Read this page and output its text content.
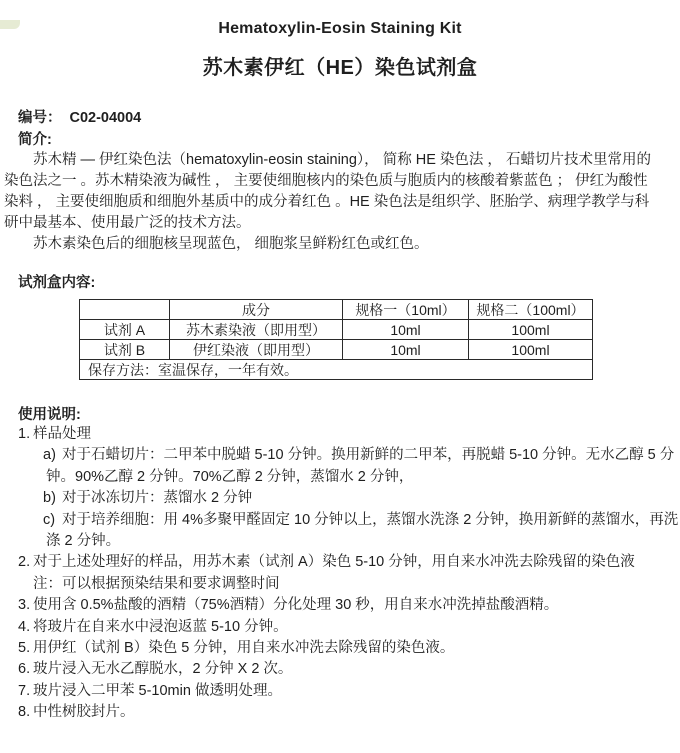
Hematoxylin-Eosin Staining Kit
苏木素伊红（HE）染色试剂盒
编号： C02-04004
简介:
苏木精 — 伊红染色法（hematoxylin-eosin staining）， 简称 HE 染色法 ， 石蜡切片技术里常用的
染色法之一 。苏木精染液为碱性 ， 主要使细胞核内的染色质与胞质内的核酸着紫蓝色 ； 伊红为酸性
染料 ， 主要使细胞质和细胞外基质中的成分着红色 。HE 染色法是组织学、胚胎学、病理学教学与科
研中最基本、使用最广泛的技术方法。
苏木素染色后的细胞核呈现蓝色， 细胞浆呈鲜粉红色或红色。
试剂盒内容:
	成分	规格一（10ml）	规格二（100ml）
试剂 A	苏木素染液（即用型）	10ml	100ml
试剂 B	伊红染液（即用型）	10ml	100ml
保存方法：室温保存，一年有效。			
使用说明:
1. 样品处理
a) 对于石蜡切片：二甲苯中脱蜡 5-10 分钟。换用新鲜的二甲苯，再脱蜡 5-10 分钟。无水乙醇 5 分
钟。90%乙醇 2 分钟。70%乙醇 2 分钟，蒸馏水 2 分钟，
b) 对于冰冻切片：蒸馏水 2 分钟
c) 对于培养细胞：用 4%多聚甲醛固定 10 分钟以上，蒸馏水洗涤 2 分钟，换用新鲜的蒸馏水，再洗
涤 2 分钟。
2. 对于上述处理好的样品，用苏木素（试剂 A）染色 5-10 分钟，用自来水冲洗去除残留的染色液
注：可以根据预染结果和要求调整时间
3. 使用含 0.5%盐酸的酒精（75%酒精）分化处理 30 秒，用自来水冲洗掉盐酸酒精。
4. 将玻片在自来水中浸泡返蓝 5-10 分钟。
5. 用伊红（试剂 B）染色 5 分钟，用自来水冲洗去除残留的染色液。
6. 玻片浸入无水乙醇脱水，2 分钟 X 2 次。
7. 玻片浸入二甲苯 5-10min 做透明处理。
8. 中性树胶封片。
